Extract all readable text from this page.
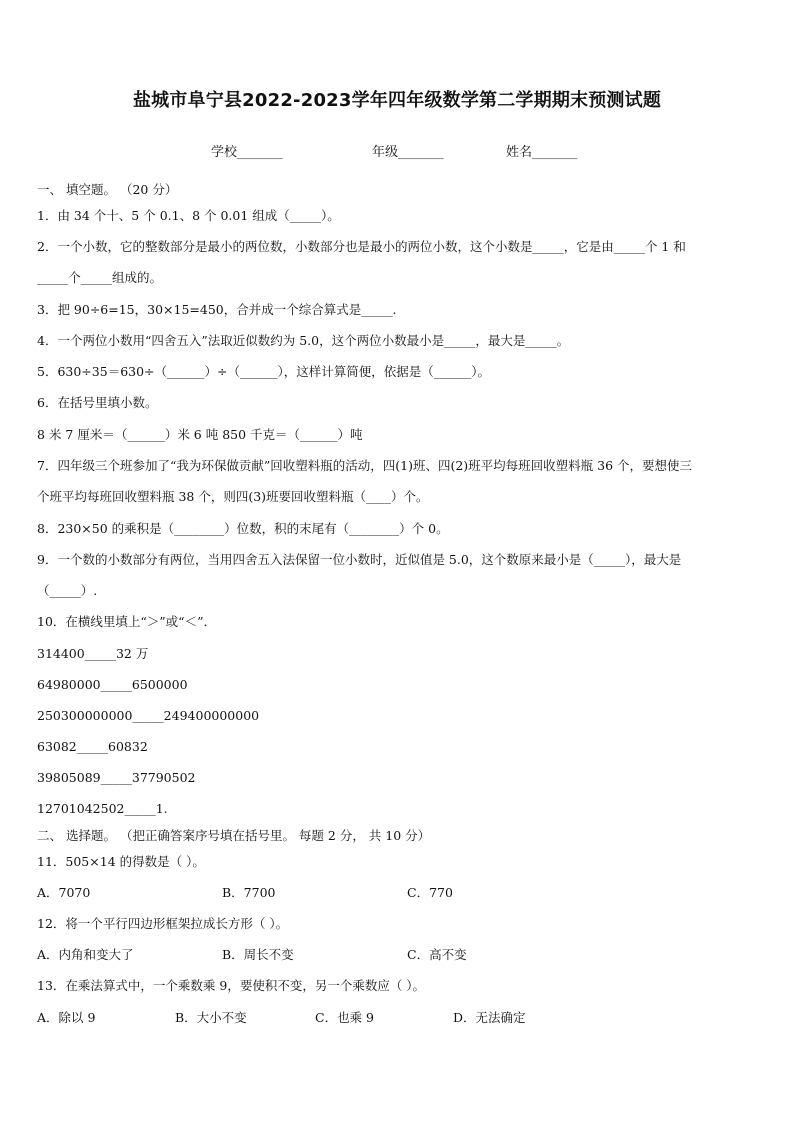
盐城市阜宁县2022-2023学年四年级数学第二学期期末预测试题
学校_______	年级_______	姓名_______
一、 填空题。 （20 分）
1．由 34 个十、5 个 0.1、8 个 0.01 组成（_____）。
2．一个小数，它的整数部分是最小的两位数，小数部分也是最小的两位小数，这个小数是_____，它是由_____个 1 和
_____个_____组成的。
3．把 90÷6=15，30×15=450，合并成一个综合算式是_____.
4．一个两位小数用“四舍五入”法取近似数约为 5.0，这个两位小数最小是_____，最大是_____。
5．630÷35＝630÷（______）÷（______），这样计算简便，依据是（______）。
6．在括号里填小数。
8 米 7 厘米＝（______）米 6 吨 850 千克＝（______）吨
7．四年级三个班参加了“我为环保做贡献”回收塑料瓶的活动，四(1)班、四(2)班平均每班回收塑料瓶 36 个，要想使三
个班平均每班回收塑料瓶 38 个，则四(3)班要回收塑料瓶（____）个。
8．230×50 的乘积是（________）位数，积的末尾有（________）个 0。
9．一个数的小数部分有两位，当用四舍五入法保留一位小数时，近似值是 5.0，这个数原来最小是（_____），最大是
（_____）.
10．在横线里填上“＞”或“＜”．
314400_____32 万
64980000_____6500000
250300000000_____249400000000
63082_____60832
39805089_____37790502
12701042502_____1.
二、 选择题。 （把正确答案序号填在括号里。 每题 2 分， 共 10 分）
11．505×14 的得数是（ ）。
A．7070	B．7700	C．770
12．将一个平行四边形框架拉成长方形（ ）。
A．内角和变大了	B．周长不变	C．高不变
13．在乘法算式中，一个乘数乘 9，要使积不变，另一个乘数应（ ）。
A．除以 9	B．大小不变	C．也乘 9	D．无法确定
